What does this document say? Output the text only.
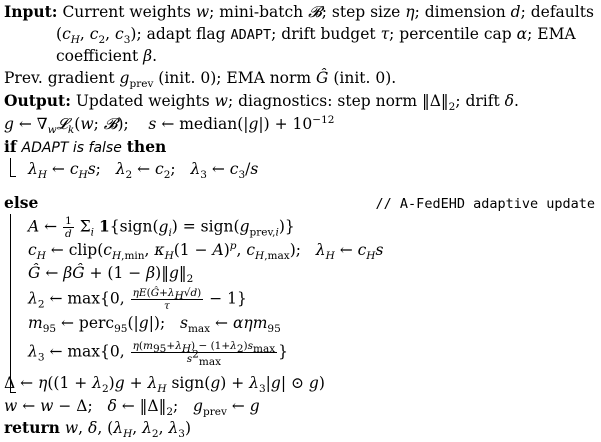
Input: Current weights w; mini-batch 𝓑; step size η; dimension d; defaults
($c_H$, $c_2$, $c_3$); adapt flag ADAPT; drift budget τ; percentile cap α; EMA
coefficient β.
Prev. gradient $g_{prev}$ (init. 0); EMA norm Ĝ (init. 0).
Output: Updated weights w; diagnostics: step norm $‖\Delta‖_2$; drift δ.
g ← $\nabla_w𝓛_k(w$; 𝓑);    s ← median(|g|) + $10^{-12}$
if ADAPT is false then
$\lambda_H$ ← $c_Hs$;   $\lambda_2$ ← $c_2$;   $\lambda_3$ ← $c_3/s$
else	// A-FedEHD adaptive update
A ← $\frac{1}{d} \Sigma_i$ $1\{sign(g_i)$ = $sign(g_{prev,i})$}
$c_H$ ← $clip(c_{H,min}$, $\kappa_H(1 - A)^p$, $c_{H,max}$);   $\lambda_H$ ← $c_Hs$
Ĝ ← βĜ + $(1 - \beta)‖g‖_2$
$\lambda_2$ ← max{0, $\frac{\eta E(Ĝ+\lambda_H√d)}{\tau} - 1$}
$m_{95}$ ← perc$_{95}$(|g|);   $s_{max}$ ← αηm$_{95}$
$\lambda_3$ ← max{0, $\frac{\eta(m_{95}+\lambda_H) - (1+\lambda_2)s_{max}}{s^2_{max}}$ }
Δ ← $\eta((1 + \lambda_2)g + \lambda_H$ sign(g) + $\lambda_3|g|$ ⊙ g)
w ← w − Δ;   δ ← $‖\Delta‖_2$;   $g_{prev}$ ← g
return w, δ, ($\lambda_H$, $\lambda_2$, $\lambda_3$)
